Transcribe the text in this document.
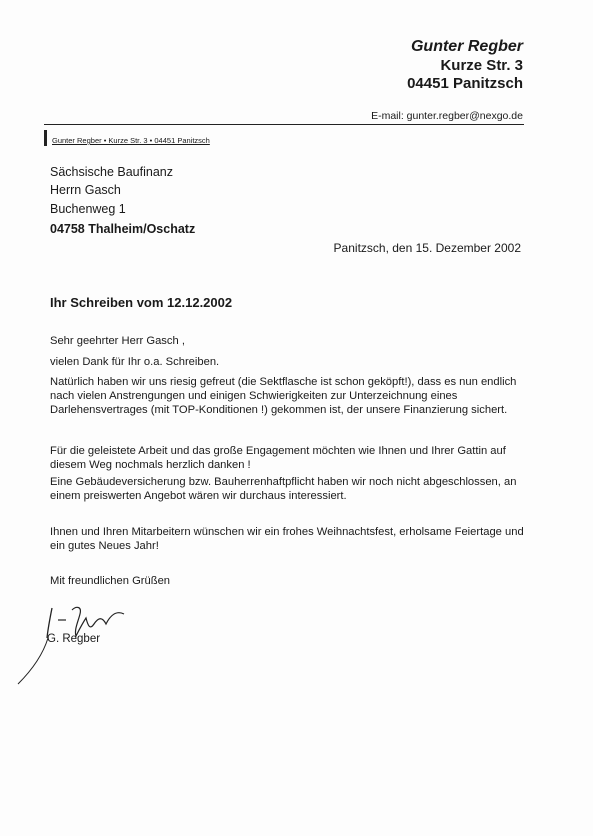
Gunter Regber
Kurze Str. 3
04451 Panitzsch
E-mail: gunter.regber@nexgo.de
Gunter Regber • Kurze Str. 3 • 04451 Panitzsch
Sächsische Baufinanz
Herrn Gasch
Buchenweg 1
04758 Thalheim/Oschatz
Panitzsch, den 15. Dezember 2002
Ihr Schreiben vom 12.12.2002
Sehr geehrter Herr Gasch ,
vielen Dank für Ihr o.a. Schreiben.
Natürlich haben wir uns riesig gefreut (die Sektflasche ist schon geköpft!), dass es nun endlich nach vielen Anstrengungen und einigen Schwierigkeiten zur Unterzeichnung eines Darlehensvertrages (mit TOP-Konditionen !) gekommen ist, der unsere Finanzierung sichert.
Für die geleistete Arbeit und das große Engagement möchten wie Ihnen und Ihrer Gattin auf diesem Weg nochmals herzlich danken !
Eine Gebäudeversicherung bzw. Bauherrenhaftpflicht haben wir noch nicht abgeschlossen, an einem preiswerten Angebot wären wir durchaus interessiert.
Ihnen und Ihren Mitarbeitern wünschen wir ein frohes Weihnachtsfest, erholsame Feiertage und ein gutes Neues Jahr!
Mit freundlichen Grüßen
G. Regber
